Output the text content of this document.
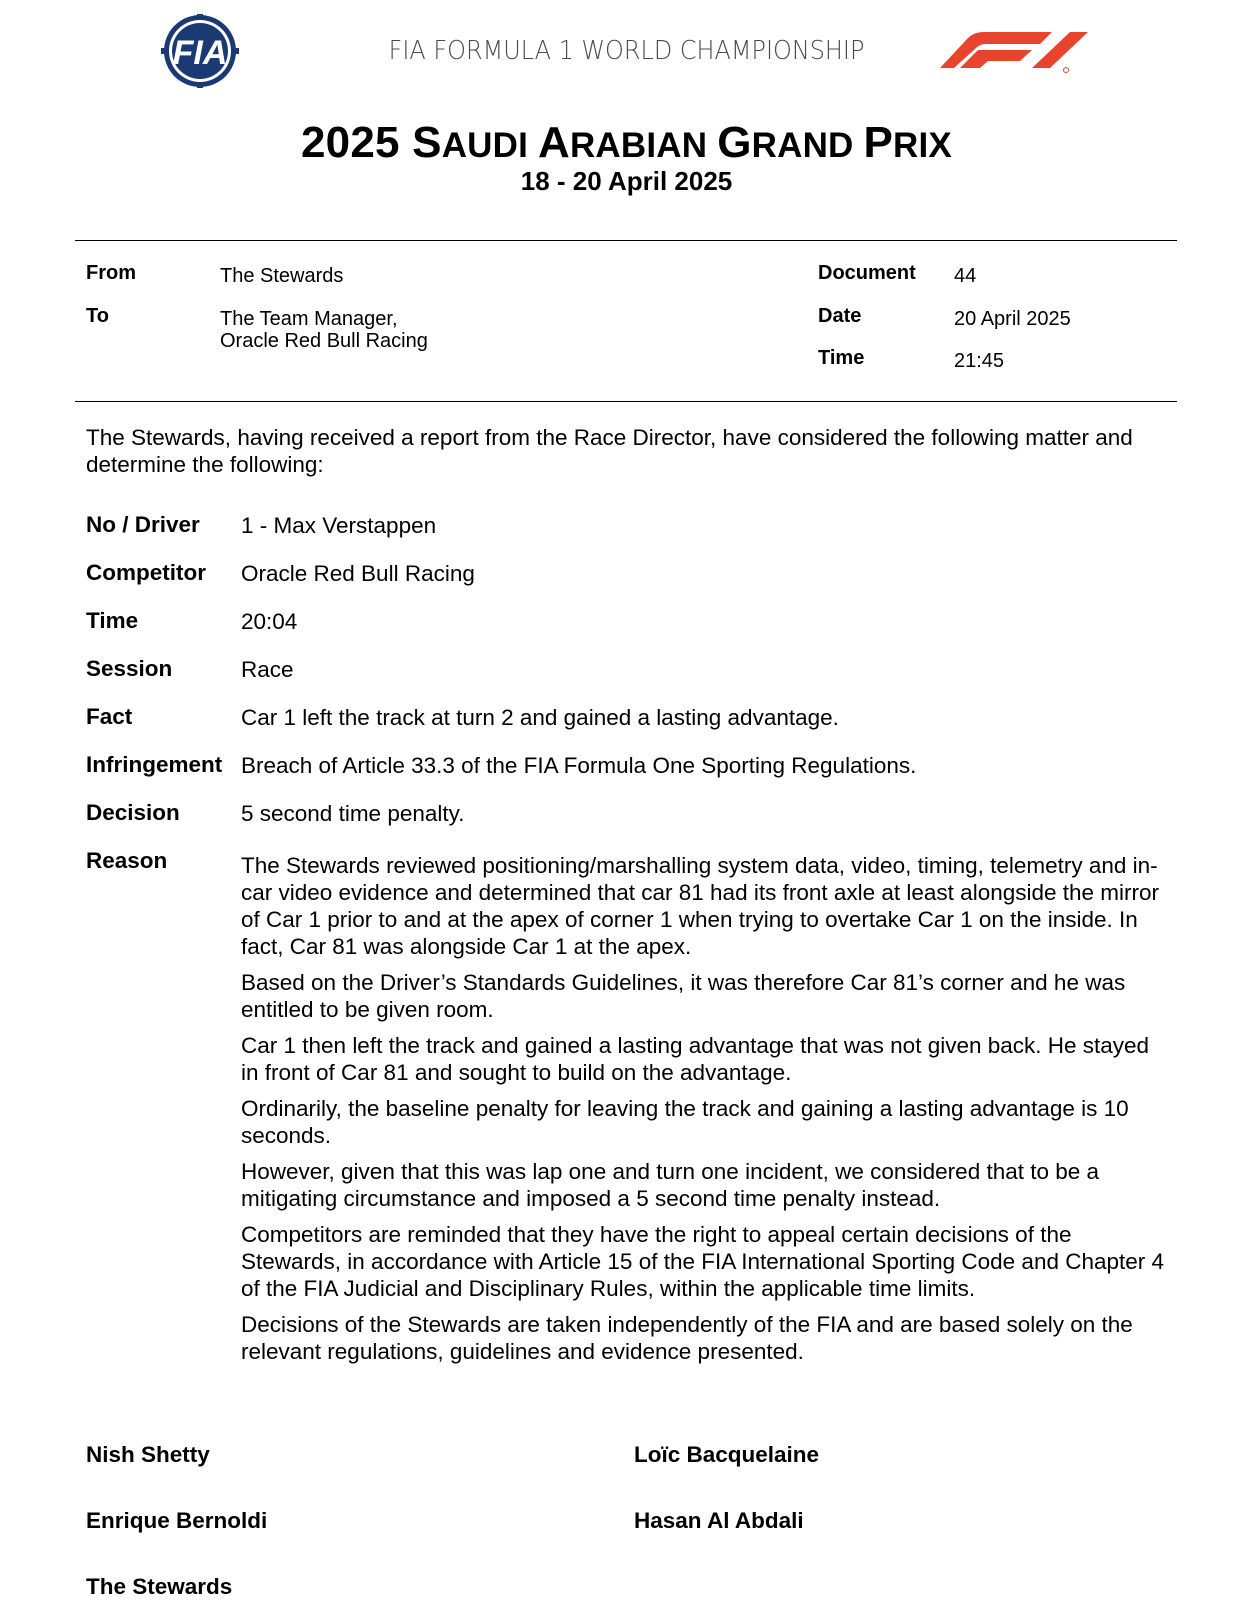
FIA	FIA FORMULA 1 WORLD CHAMPIONSHIP
2025 SAUDI ARABIAN GRAND PRIX
18 - 20 April 2025
From	The Stewards
To	The Team Manager,
Oracle Red Bull Racing
Document 44
Date	20 April 2025
Time	21:45
The Stewards, having received a report from the Race Director, have considered the following matter and determine the following:
No / Driver 1 - Max Verstappen
Competitor Oracle Red Bull Racing
Time	20:04
Session	Race
Fact	Car 1 left the track at turn 2 and gained a lasting advantage.
Infringement Breach of Article 33.3 of the FIA Formula One Sporting Regulations.
Decision	5 second time penalty.
Reason	The Stewards reviewed positioning/marshalling system data, video, timing, telemetry and in-car video evidence and determined that car 81 had its front axle at least alongside the mirror of Car 1 prior to and at the apex of corner 1 when trying to overtake Car 1 on the inside. In fact, Car 81 was alongside Car 1 at the apex.

Based on the Driver’s Standards Guidelines, it was therefore Car 81’s corner and he was entitled to be given room.

Car 1 then left the track and gained a lasting advantage that was not given back. He stayed in front of Car 81 and sought to build on the advantage.

Ordinarily, the baseline penalty for leaving the track and gaining a lasting advantage is 10 seconds.

However, given that this was lap one and turn one incident, we considered that to be a mitigating circumstance and imposed a 5 second time penalty instead.

Competitors are reminded that they have the right to appeal certain decisions of the Stewards, in accordance with Article 15 of the FIA International Sporting Code and Chapter 4 of the FIA Judicial and Disciplinary Rules, within the applicable time limits.

Decisions of the Stewards are taken independently of the FIA and are based solely on the relevant regulations, guidelines and evidence presented.

Nish Shetty	Loïc Bacquelaine
Enrique Bernoldi	Hasan Al Abdali
The Stewards
